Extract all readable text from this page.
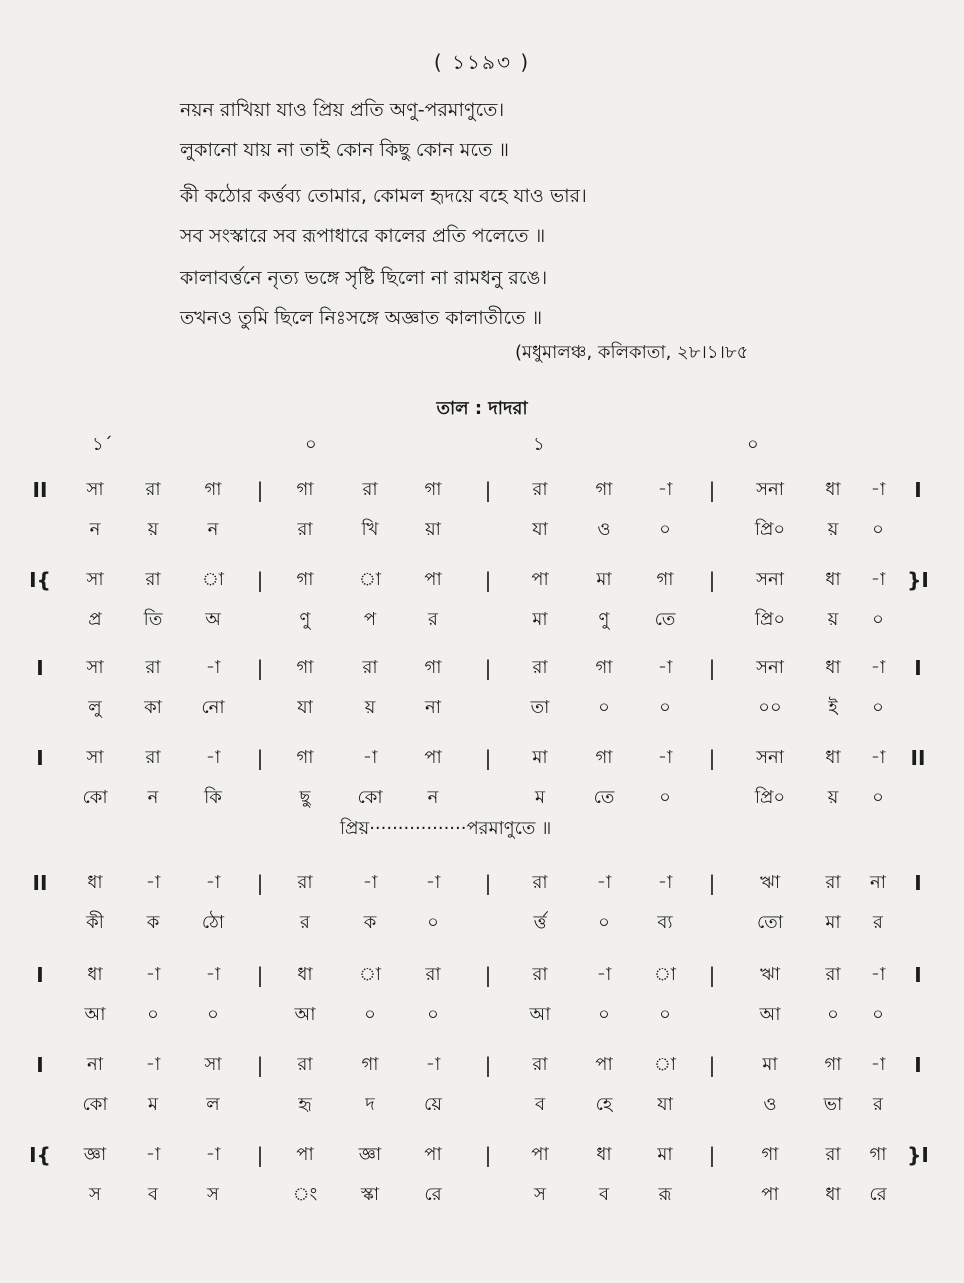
( ১১৯৩ )
নয়ন রাখিয়া যাও প্রিয় প্রতি অণু-পরমাণুতে।
লুকানো যায় না তাই কোন কিছু কোন মতে ॥
কী কঠোর কর্ত্তব্য তোমার, কোমল হৃদয়ে বহে যাও ভার।
সব সংস্কারে সব রূপাধারে কালের প্রতি পলেতে ॥
কালাবর্ত্তনে নৃত্য ভঙ্গে সৃষ্টি ছিলো না রামধনু রঙে।
তখনও তুমি ছিলে নিঃসঙ্গে অজ্ঞাত কালাতীতে ॥
(মধুমালঞ্চ, কলিকাতা, ২৮।১।৮৫
তাল : দাদরা
১´	০	১	০
II	|	|	|	I
সা	রা	গা	গা	রা	গা	রা	গা	-া	সনা	ধা	-া
ন	য়	ন	রা	খি	য়া	যা	ও	০	প্রি০	য়	০
I{	|	|	|	}I
সা	রা	া	গা	া	পা	পা	মা	গা	সনা	ধা	-া
প্র	তি	অ	ণু	প	র	মা	ণু	তে	প্রি০	য়	০
I	|	|	|	I
সা	রা	-া	গা	রা	গা	রা	গা	-া	সনা	ধা	-া
লু	কা	নো	যা	য়	না	তা	০	০	০০	ই	০
I	|	|	|	II
সা	রা	-া	গা	-া	পা	মা	গা	-া	সনা	ধা	-া
কো	ন	কি	ছু	কো	ন	ম	তে	০	প্রি০	য়	০
II	|	|	|	I
ধা	-া	-া	রা	-া	-া	রা	-া	-া	ঋা	রা	না
কী	ক	ঠো	র	ক	০	র্ত্ত	০	ব্য	তো	মা	র
I	|	|	|	I
ধা	-া	-া	ধা	া	রা	রা	-া	া	ঋা	রা	-া
আ	০	০	আ	০	০	আ	০	০	আ	০	০
I	|	|	|	I
না	-া	সা	রা	গা	-া	রা	পা	া	মা	গা	-া
কো	ম	ল	হৃ	দ	য়ে	ব	হে	যা	ও	ভা	র
I{	|	|	|	}I
জ্ঞা	-া	-া	পা	জ্ঞা	পা	পা	ধা	মা	গা	রা	গা
স	ব	স	ং	স্কা	রে	স	ব	রূ	পা	ধা	রে
প্রিয়·················পরমাণুতে ॥
